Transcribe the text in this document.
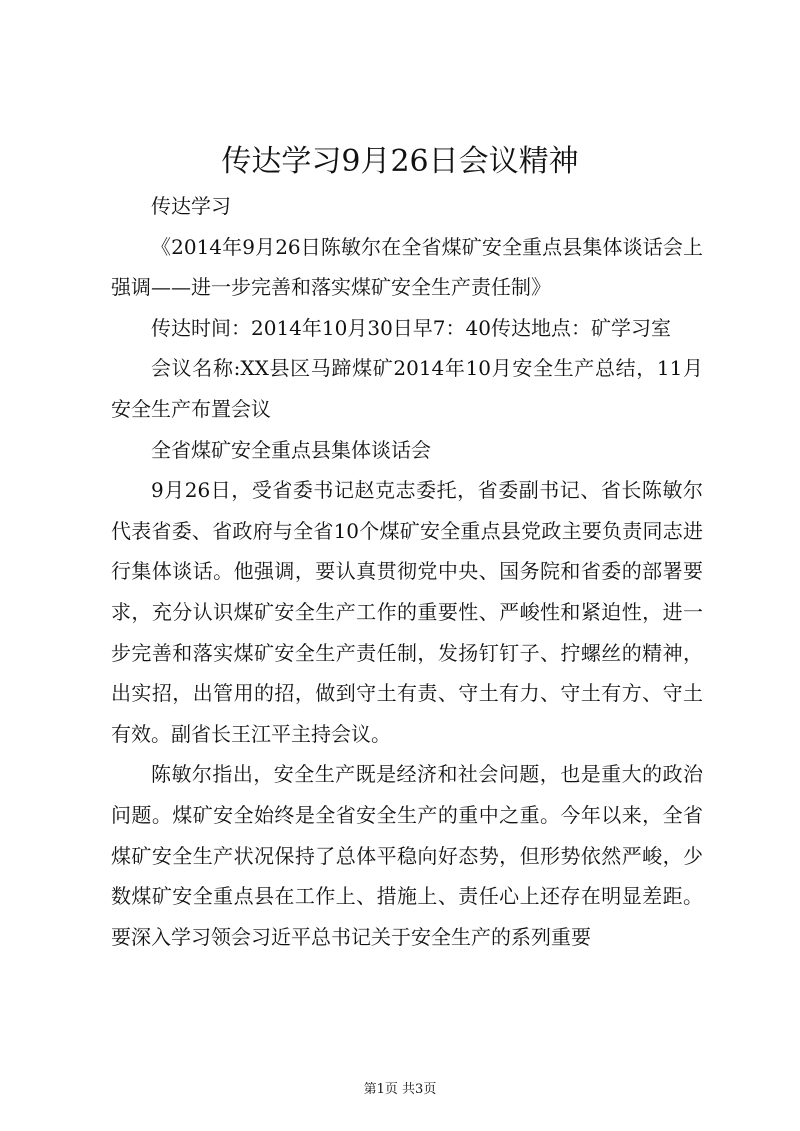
传达学习9月26日会议精神

传达学习

《2014年9月26日陈敏尔在全省煤矿安全重点县集体谈话会上强调——进一步完善和落实煤矿安全生产责任制》

传达时间：2014年10月30日早7：40传达地点：矿学习室

会议名称:XX县区马蹄煤矿2014年10月安全生产总结，11月安全生产布置会议

全省煤矿安全重点县集体谈话会

9月26日，受省委书记赵克志委托，省委副书记、省长陈敏尔代表省委、省政府与全省10个煤矿安全重点县党政主要负责同志进行集体谈话。他强调，要认真贯彻党中央、国务院和省委的部署要求，充分认识煤矿安全生产工作的重要性、严峻性和紧迫性，进一步完善和落实煤矿安全生产责任制，发扬钉钉子、拧螺丝的精神，出实招，出管用的招，做到守土有责、守土有力、守土有方、守土有效。副省长王江平主持会议。

陈敏尔指出，安全生产既是经济和社会问题，也是重大的政治问题。煤矿安全始终是全省安全生产的重中之重。今年以来，全省煤矿安全生产状况保持了总体平稳向好态势，但形势依然严峻，少数煤矿安全重点县在工作上、措施上、责任心上还存在明显差距。要深入学习领会习近平总书记关于安全生产的系列重要

第1页 共3页
